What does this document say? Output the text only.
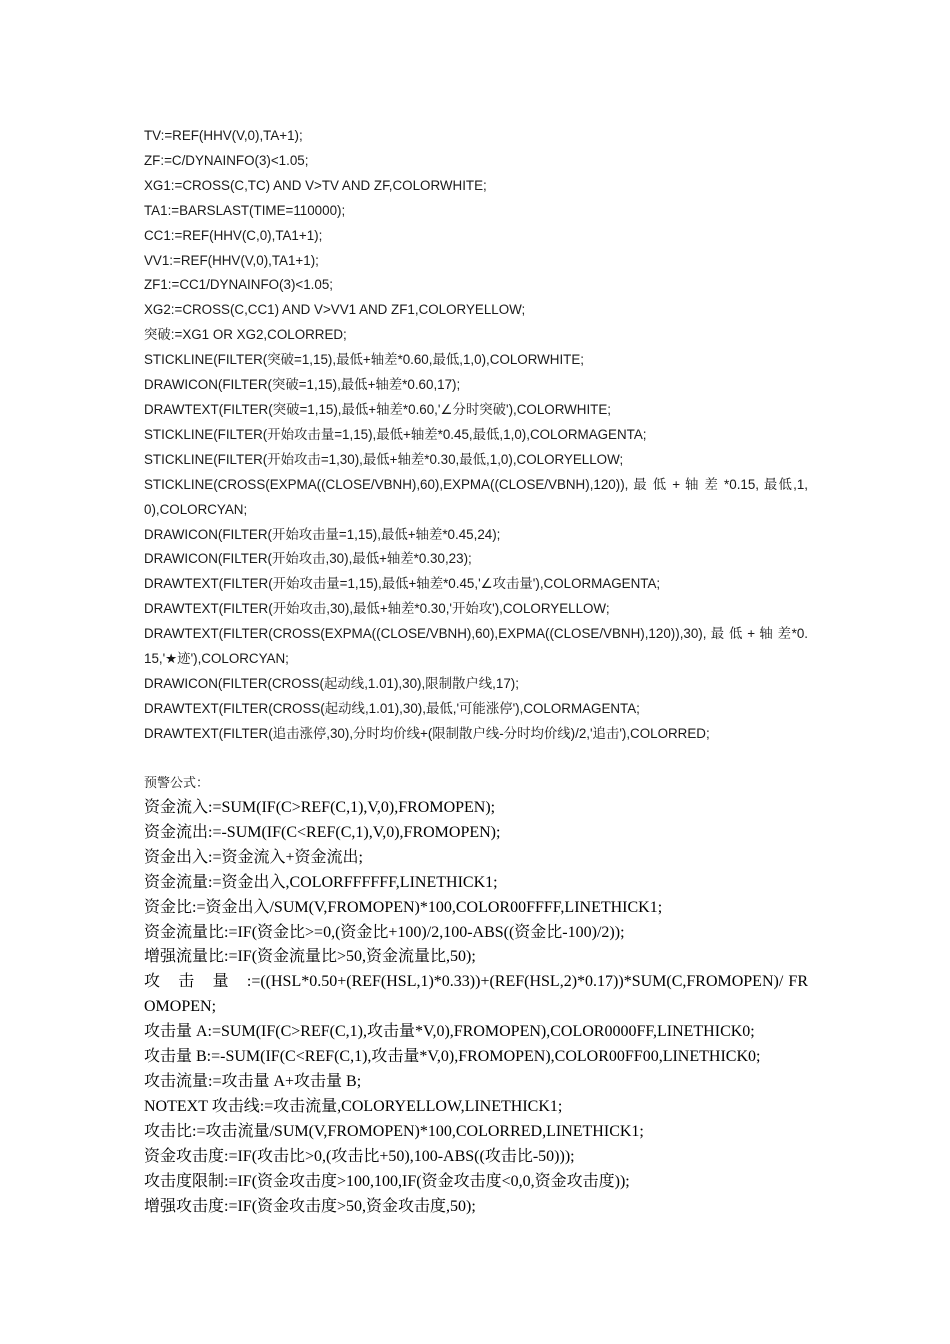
TV:=REF(HHV(V,0),TA+1);
ZF:=C/DYNAINFO(3)<1.05;
XG1:=CROSS(C,TC) AND V>TV AND ZF,COLORWHITE;
TA1:=BARSLAST(TIME=110000);
CC1:=REF(HHV(C,0),TA1+1);
VV1:=REF(HHV(V,0),TA1+1);
ZF1:=CC1/DYNAINFO(3)<1.05;
XG2:=CROSS(C,CC1) AND V>VV1 AND ZF1,COLORYELLOW;
突破:=XG1 OR XG2,COLORRED;
STICKLINE(FILTER(突破=1,15),最低+轴差*0.60,最低,1,0),COLORWHITE;
DRAWICON(FILTER(突破=1,15),最低+轴差*0.60,17);
DRAWTEXT(FILTER(突破=1,15),最低+轴差*0.60,'∠分时突破'),COLORWHITE;
STICKLINE(FILTER(开始攻击量=1,15),最低+轴差*0.45,最低,1,0),COLORMAGENTA;
STICKLINE(FILTER(开始攻击=1,30),最低+轴差*0.30,最低,1,0),COLORYELLOW;
STICKLINE(CROSS(EXPMA((CLOSE/VBNH),60),EXPMA((CLOSE/VBNH),120)), 最 低 + 轴 差 *0.15, 最低,1,0),COLORCYAN;
DRAWICON(FILTER(开始攻击量=1,15),最低+轴差*0.45,24);
DRAWICON(FILTER(开始攻击,30),最低+轴差*0.30,23);
DRAWTEXT(FILTER(开始攻击量=1,15),最低+轴差*0.45,'∠攻击量'),COLORMAGENTA;
DRAWTEXT(FILTER(开始攻击,30),最低+轴差*0.30,'开始攻'),COLORYELLOW;
DRAWTEXT(FILTER(CROSS(EXPMA((CLOSE/VBNH),60),EXPMA((CLOSE/VBNH),120)),30), 最 低 + 轴 差*0.15,'★迹'),COLORCYAN;
DRAWICON(FILTER(CROSS(起动线,1.01),30),限制散户线,17);
DRAWTEXT(FILTER(CROSS(起动线,1.01),30),最低,'可能涨停'),COLORMAGENTA;
DRAWTEXT(FILTER(追击涨停,30),分时均价线+(限制散户线-分时均价线)/2,'追击'),COLORRED;
预警公式：
资金流入:=SUM(IF(C>REF(C,1),V,0),FROMOPEN);
资金流出:=-SUM(IF(C<REF(C,1),V,0),FROMOPEN);
资金出入:=资金流入+资金流出;
资金流量:=资金出入,COLORFFFFFF,LINETHICK1;
资金比:=资金出入/SUM(V,FROMOPEN)*100,COLOR00FFFF,LINETHICK1;
资金流量比:=IF(资金比>=0,(资金比+100)/2,100-ABS((资金比-100)/2));
增强流量比:=IF(资金流量比>50,资金流量比,50);
攻　击　量　:=((HSL*0.50+(REF(HSL,1)*0.33))+(REF(HSL,2)*0.17))*SUM(C,FROMOPEN)/ FROMOPEN;
攻击量 A:=SUM(IF(C>REF(C,1),攻击量*V,0),FROMOPEN),COLOR0000FF,LINETHICK0;
攻击量 B:=-SUM(IF(C<REF(C,1),攻击量*V,0),FROMOPEN),COLOR00FF00,LINETHICK0;
攻击流量:=攻击量 A+攻击量 B;
NOTEXT 攻击线:=攻击流量,COLORYELLOW,LINETHICK1;
攻击比:=攻击流量/SUM(V,FROMOPEN)*100,COLORRED,LINETHICK1;
资金攻击度:=IF(攻击比>0,(攻击比+50),100-ABS((攻击比-50)));
攻击度限制:=IF(资金攻击度>100,100,IF(资金攻击度<0,0,资金攻击度));
增强攻击度:=IF(资金攻击度>50,资金攻击度,50);
